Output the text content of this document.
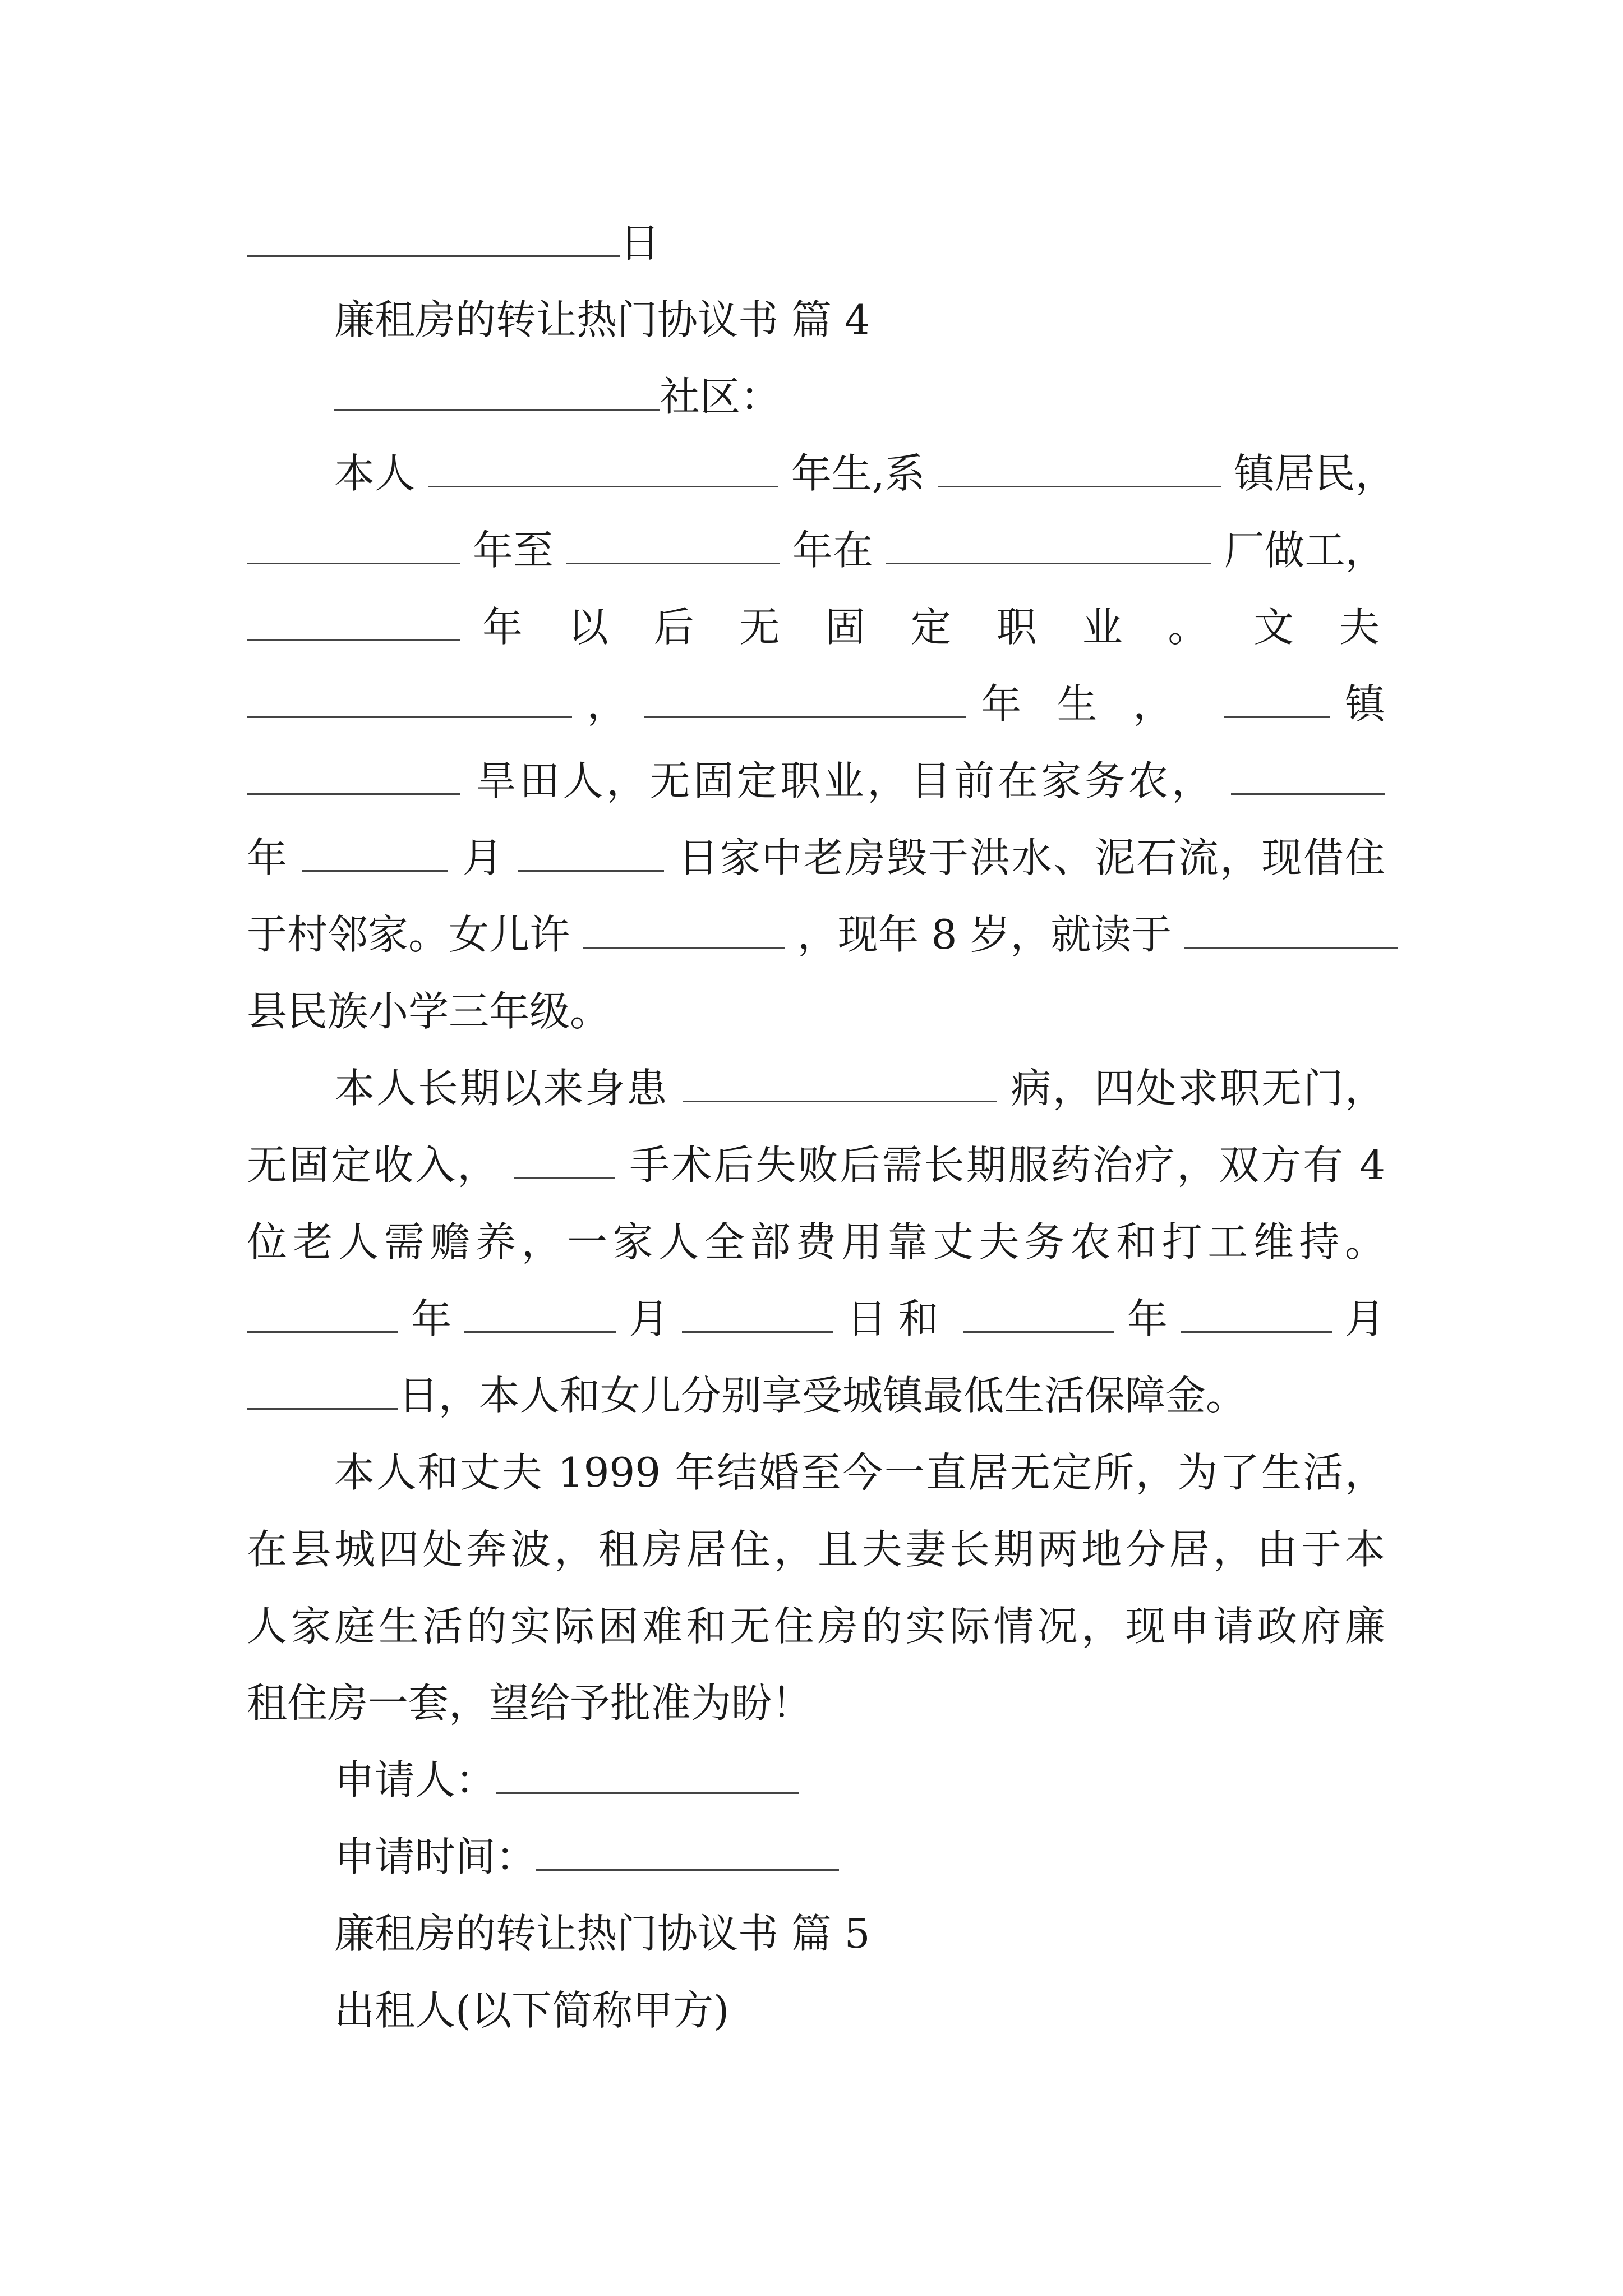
日
廉租房的转让热门协议书 篇 4
社区：
本人	年生,系	镇居民，
年至	年在	厂做工，
年以后无固定职业。文夫
，	年生，	镇
旱田人，无固定职业，目前在家务农，
年	月	日家中老房毁于洪水、泥石流，现借住
于村邻家。女儿许	，现年 8 岁，就读于
县民族小学三年级。
本人长期以来身患	病，四处求职无门，
无固定收入，	手术后失败后需长期服药治疗，双方有 4
位老人需赡养，一家人全部费用靠丈夫务农和打工维持。
年	月	日和	年	月
日，本人和女儿分别享受城镇最低生活保障金。
本人和丈夫 1999 年结婚至今一直居无定所，为了生活，
在县城四处奔波，租房居住，且夫妻长期两地分居，由于本
人家庭生活的实际困难和无住房的实际情况，现申请政府廉
租住房一套，望给予批准为盼！
申请人：
申请时间：
廉租房的转让热门协议书 篇 5
出租人(以下简称甲方)
